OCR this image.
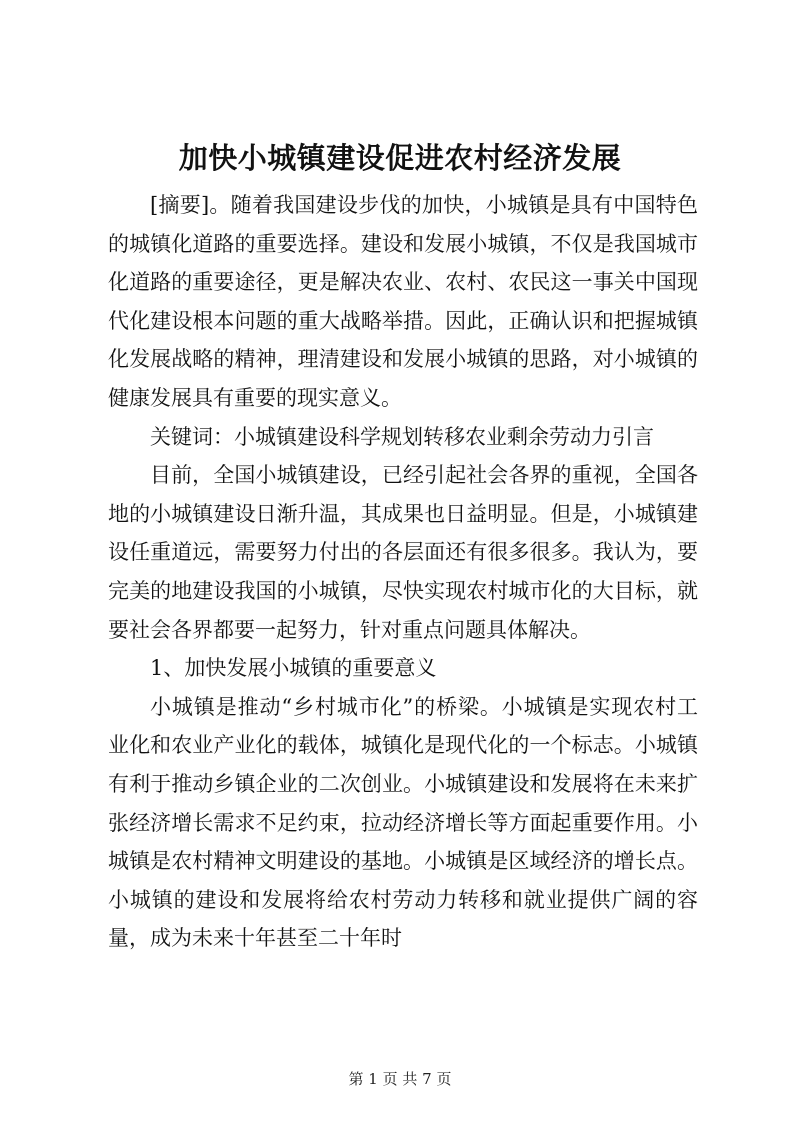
加快小城镇建设促进农村经济发展
[摘要]。随着我国建设步伐的加快，小城镇是具有中国特色
的城镇化道路的重要选择。建设和发展小城镇，不仅是我国城市
化道路的重要途径，更是解决农业、农村、农民这一事关中国现
代化建设根本问题的重大战略举措。因此，正确认识和把握城镇
化发展战略的精神，理清建设和发展小城镇的思路，对小城镇的
健康发展具有重要的现实意义。
关键词：小城镇建设科学规划转移农业剩余劳动力引言
目前，全国小城镇建设，已经引起社会各界的重视，全国各
地的小城镇建设日渐升温，其成果也日益明显。但是，小城镇建
设任重道远，需要努力付出的各层面还有很多很多。我认为，要
完美的地建设我国的小城镇，尽快实现农村城市化的大目标，就
要社会各界都要一起努力，针对重点问题具体解决。
1、加快发展小城镇的重要意义
小城镇是推动“乡村城市化”的桥梁。小城镇是实现农村工
业化和农业产业化的载体，城镇化是现代化的一个标志。小城镇
有利于推动乡镇企业的二次创业。小城镇建设和发展将在未来扩
张经济增长需求不足约束，拉动经济增长等方面起重要作用。小
城镇是农村精神文明建设的基地。小城镇是区域经济的增长点。
小城镇的建设和发展将给农村劳动力转移和就业提供广阔的容
量，成为未来十年甚至二十年时
第 1 页 共 7 页
